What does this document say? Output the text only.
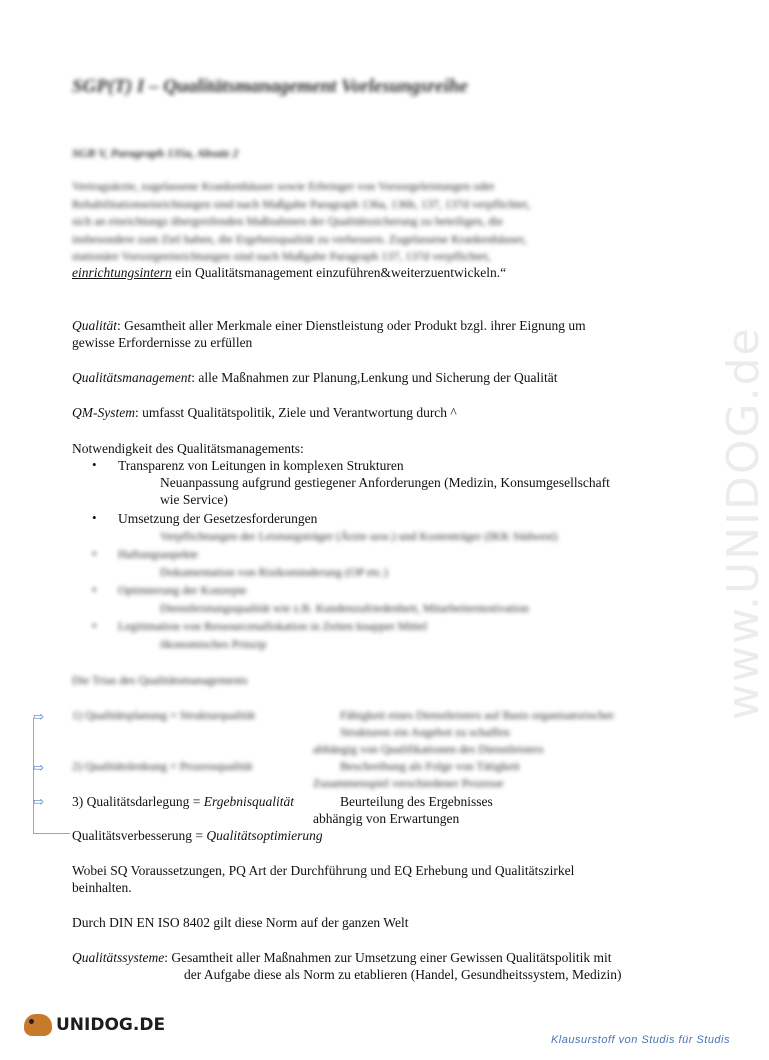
www.UNIDOG.de
SGP(T) I – Qualitätsmanagement Vorlesungsreihe
SGB V, Paragraph 135a, Absatz 2
Vertragsärzte, zugelassene Krankenhäuser sowie Erbringer von Vorsorgeleistungen oder
Rehabilitationseinrichtungen sind nach Maßgabe Paragraph 136a, 136b, 137, 137d verpflichtet,
sich an einrichtungs übergreifenden Maßnahmen der Qualitätssicherung zu beteiligen, die
insbesondere zum Ziel haben, die Ergebnisqualität zu verbessern. Zugelassene Krankenhäuser,
stationäre Vorsorgeeinrichtungen sind nach Maßgabe Paragraph 137, 137d verpflichtet,
einrichtungsintern ein Qualitätsmanagement einzuführen&weiterzuentwickeln.“
Qualität: Gesamtheit aller Merkmale einer Dienstleistung oder Produkt bzgl. ihrer Eignung um
gewisse Erfordernisse zu erfüllen
Qualitätsmanagement: alle Maßnahmen zur Planung,Lenkung und Sicherung der Qualität
QM-System: umfasst Qualitätspolitik, Ziele und Verantwortung durch ^
Notwendigkeit des Qualitätsmanagements:
• Transparenz von Leitungen in komplexen Strukturen
Neuanpassung aufgrund gestiegener Anforderungen (Medizin, Konsumgesellschaft
wie Service)
• Umsetzung der Gesetzesforderungen
Verpflichtungen der Leistungsträger (Ärzte usw.) und Kostenträger (IKK Südwest)
• Haftungsaspekte
Dokumentation von Risikominderung (OP etc.)
• Optimierung der Konzepte
Dienstleistungsqualität wie z.B. Kundenzufriedenheit, Mitarbeitermotivation
• Legitimation von Ressourcenallokation in Zeiten knapper Mittel
ökonomisches Prinzip
Die Trias des Qualitätsmanagements
⇨
⇨
⇨
1) Qualitätsplanung = Strukturqualität	Fähigkeit eines Dienstleisters auf Basis organisatorischer
Strukturen ein Angebot zu schaffen
abhängig von Qualifikationen des Dienstleisters
2) Qualitätslenkung = Prozessqualität	Beschreibung als Folge von Tätigkeit
Zusammenspiel verschiedener Prozesse
3) Qualitätsdarlegung = Ergebnisqualität	Beurteilung des Ergebnisses
abhängig von Erwartungen
Qualitätsverbesserung = Qualitätsoptimierung
Wobei SQ Voraussetzungen, PQ Art der Durchführung und EQ Erhebung und Qualitätszirkel
beinhalten.
Durch DIN EN ISO 8402 gilt diese Norm auf der ganzen Welt
Qualitätssysteme: Gesamtheit aller Maßnahmen zur Umsetzung einer Gewissen Qualitätspolitik mit
der Aufgabe diese als Norm zu etablieren (Handel, Gesundheitssystem, Medizin)
UNIDOG.DE
Klausurstoff von Studis für Studis
